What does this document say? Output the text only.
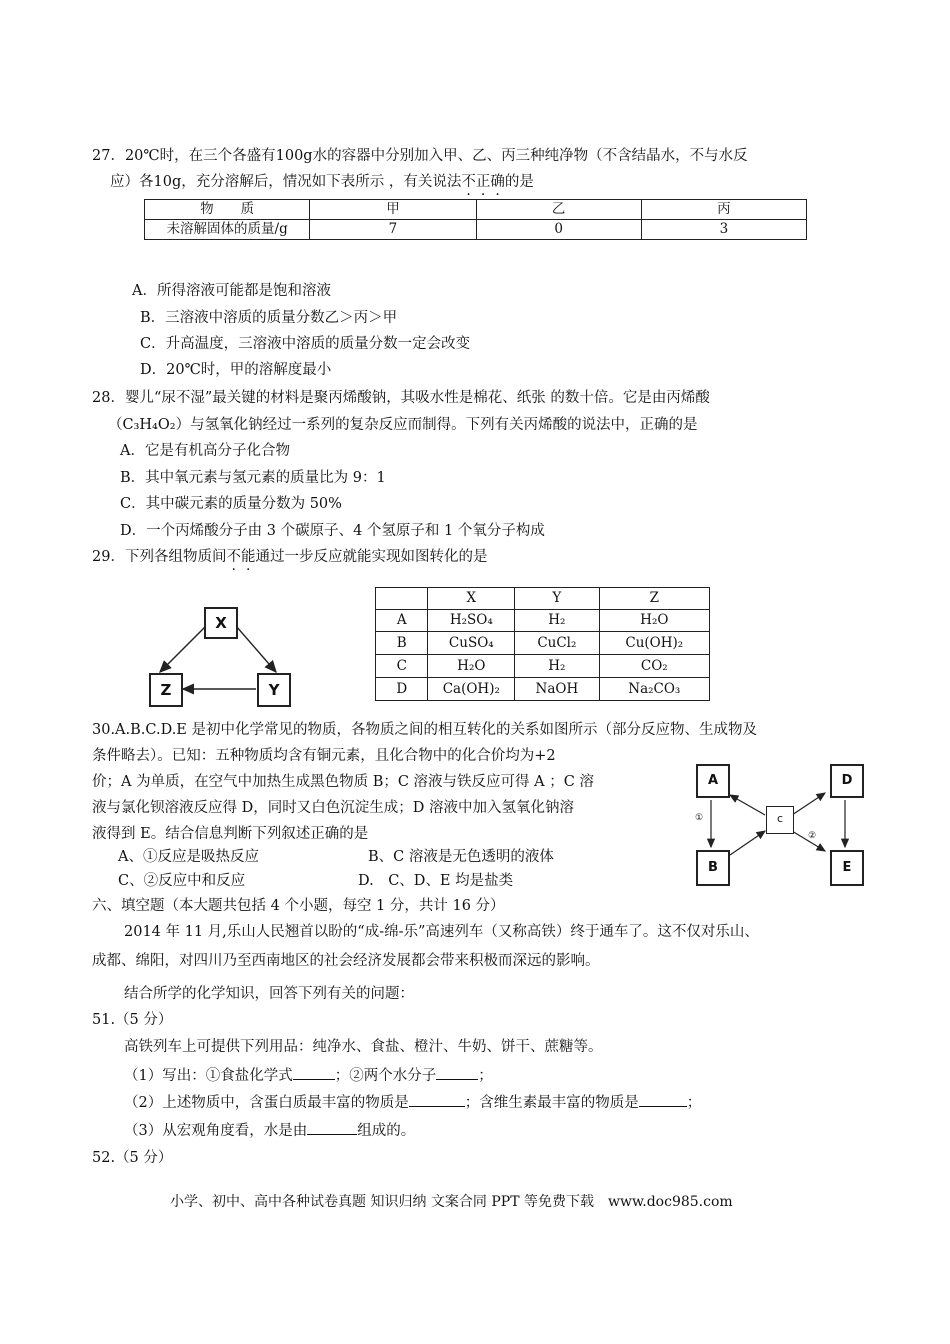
27．20℃时，在三个各盛有100g水的容器中分别加入甲、乙、丙三种纯净物（不含结晶水，不与水反
应）各10g，充分溶解后，情况如下表所示 ，有关说法不正确的是
物　　质	甲	乙	丙
未溶解固体的质量/g	7	0	3
A．所得溶液可能都是饱和溶液
B．三溶液中溶质的质量分数乙＞丙＞甲
C．升高温度，三溶液中溶质的质量分数一定会改变
D．20℃时，甲的溶解度最小
28．婴儿“尿不湿”最关键的材料是聚丙烯酸钠，其吸水性是棉花、纸张 的数十倍。它是由丙烯酸
（C₃H₄O₂）与氢氧化钠经过一系列的复杂反应而制得。下列有关丙烯酸的说法中，正确的是
A．它是有机高分子化合物
B．其中氧元素与氢元素的质量比为 9：1
C．其中碳元素的质量分数为 50%
D．一个丙烯酸分子由 3 个碳原子、4 个氢原子和 1 个氧分子构成
29．下列各组物质间不能通过一步反应就能实现如图转化的是
X
Z	Y
	X	Y	Z
A	H₂SO₄	H₂	H₂O
B	CuSO₄	CuCl₂	Cu(OH)₂
C	H₂O	H₂	CO₂
D	Ca(OH)₂	NaOH	Na₂CO₃
30.A.B.C.D.E 是初中化学常见的物质，各物质之间的相互转化的关系如图所示（部分反应物、生成物及
条件略去）。已知：五种物质均含有铜元素，且化合物中的化合价均为+2
价；A 为单质，在空气中加热生成黑色物质 B；C 溶液与铁反应可得 A ；C 溶
液与氯化钡溶液反应得 D，同时又白色沉淀生成；D 溶液中加入氢氧化钠溶
液得到 E。结合信息判断下列叙述正确的是
A、①反应是吸热反应	B、C 溶液是无色透明的液体
C、②反应中和反应	D.　C、D、E 均是盐类
A
B
c
D
E
①
②
六、填空题（本大题共包括 4 个小题，每空 1 分，共计 16 分）
2014 年 11 月,乐山人民翘首以盼的“成-绵-乐”高速列车（又称高铁）终于通车了。这不仅对乐山、
成都、绵阳，对四川乃至西南地区的社会经济发展都会带来积极而深远的影响。
结合所学的化学知识，回答下列有关的问题：
51.（5 分）
高铁列车上可提供下列用品：纯净水、食盐、橙汁、牛奶、饼干、蔗糖等。
（1）写出：①食盐化学式	；②两个水分子	；
（2）上述物质中，含蛋白质最丰富的物质是	；含维生素最丰富的物质是	；
（3）从宏观角度看，水是由	组成的。
52.（5 分）
小学、初中、高中各种试卷真题 知识归纳 文案合同 PPT 等免费下载　www.doc985.com
